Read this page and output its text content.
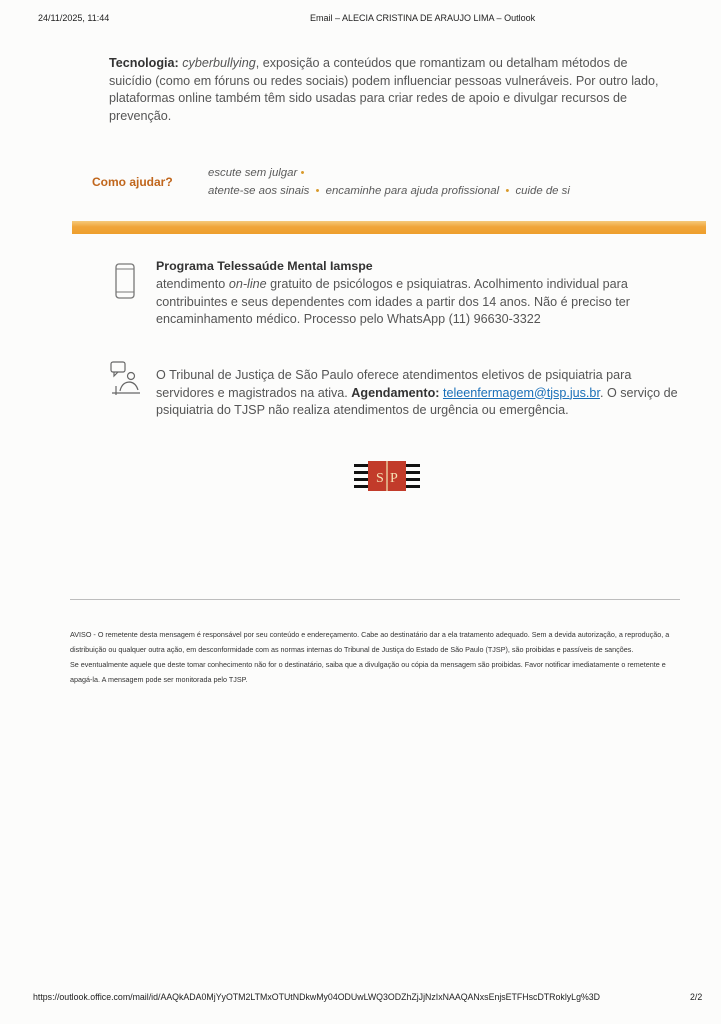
24/11/2025, 11:44	Email – ALECIA CRISTINA DE ARAUJO LIMA – Outlook
Tecnologia: cyberbullying, exposição a conteúdos que romantizam ou detalham métodos de suicídio (como em fóruns ou redes sociais) podem influenciar pessoas vulneráveis. Por outro lado, plataformas online também têm sido usadas para criar redes de apoio e divulgar recursos de prevenção.
Como ajudar?
escute sem julgar •
atente-se aos sinais  •  encaminhe para ajuda profissional  •  cuide de si
Programa Telessaúde Mental Iamspe
atendimento on-line gratuito de psicólogos e psiquiatras. Acolhimento individual para contribuintes e seus dependentes com idades a partir dos 14 anos. Não é preciso ter encaminhamento médico. Processo pelo WhatsApp (11) 96630-3322
O Tribunal de Justiça de São Paulo oferece atendimentos eletivos de psiquiatria para servidores e magistrados na ativa. Agendamento: teleenfermagem@tjsp.jus.br. O serviço de psiquiatria do TJSP não realiza atendimentos de urgência ou emergência.
S P
AVISO - O remetente desta mensagem é responsável por seu conteúdo e endereçamento. Cabe ao destinatário dar a ela tratamento adequado. Sem a devida autorização, a reprodução, a distribuição ou qualquer outra ação, em desconformidade com as normas internas do Tribunal de Justiça do Estado de São Paulo (TJSP), são proibidas e passíveis de sanções.
Se eventualmente aquele que deste tomar conhecimento não for o destinatário, saiba que a divulgação ou cópia da mensagem são proibidas. Favor notificar imediatamente o remetente e apagá-la. A mensagem pode ser monitorada pelo TJSP.
https://outlook.office.com/mail/id/AAQkADA0MjYyOTM2LTMxOTUtNDkwMy04ODUwLWQ3ODZhZjJjNzIxNAAQANxsEnjsETFHscDTRoklyLg%3D	2/2
